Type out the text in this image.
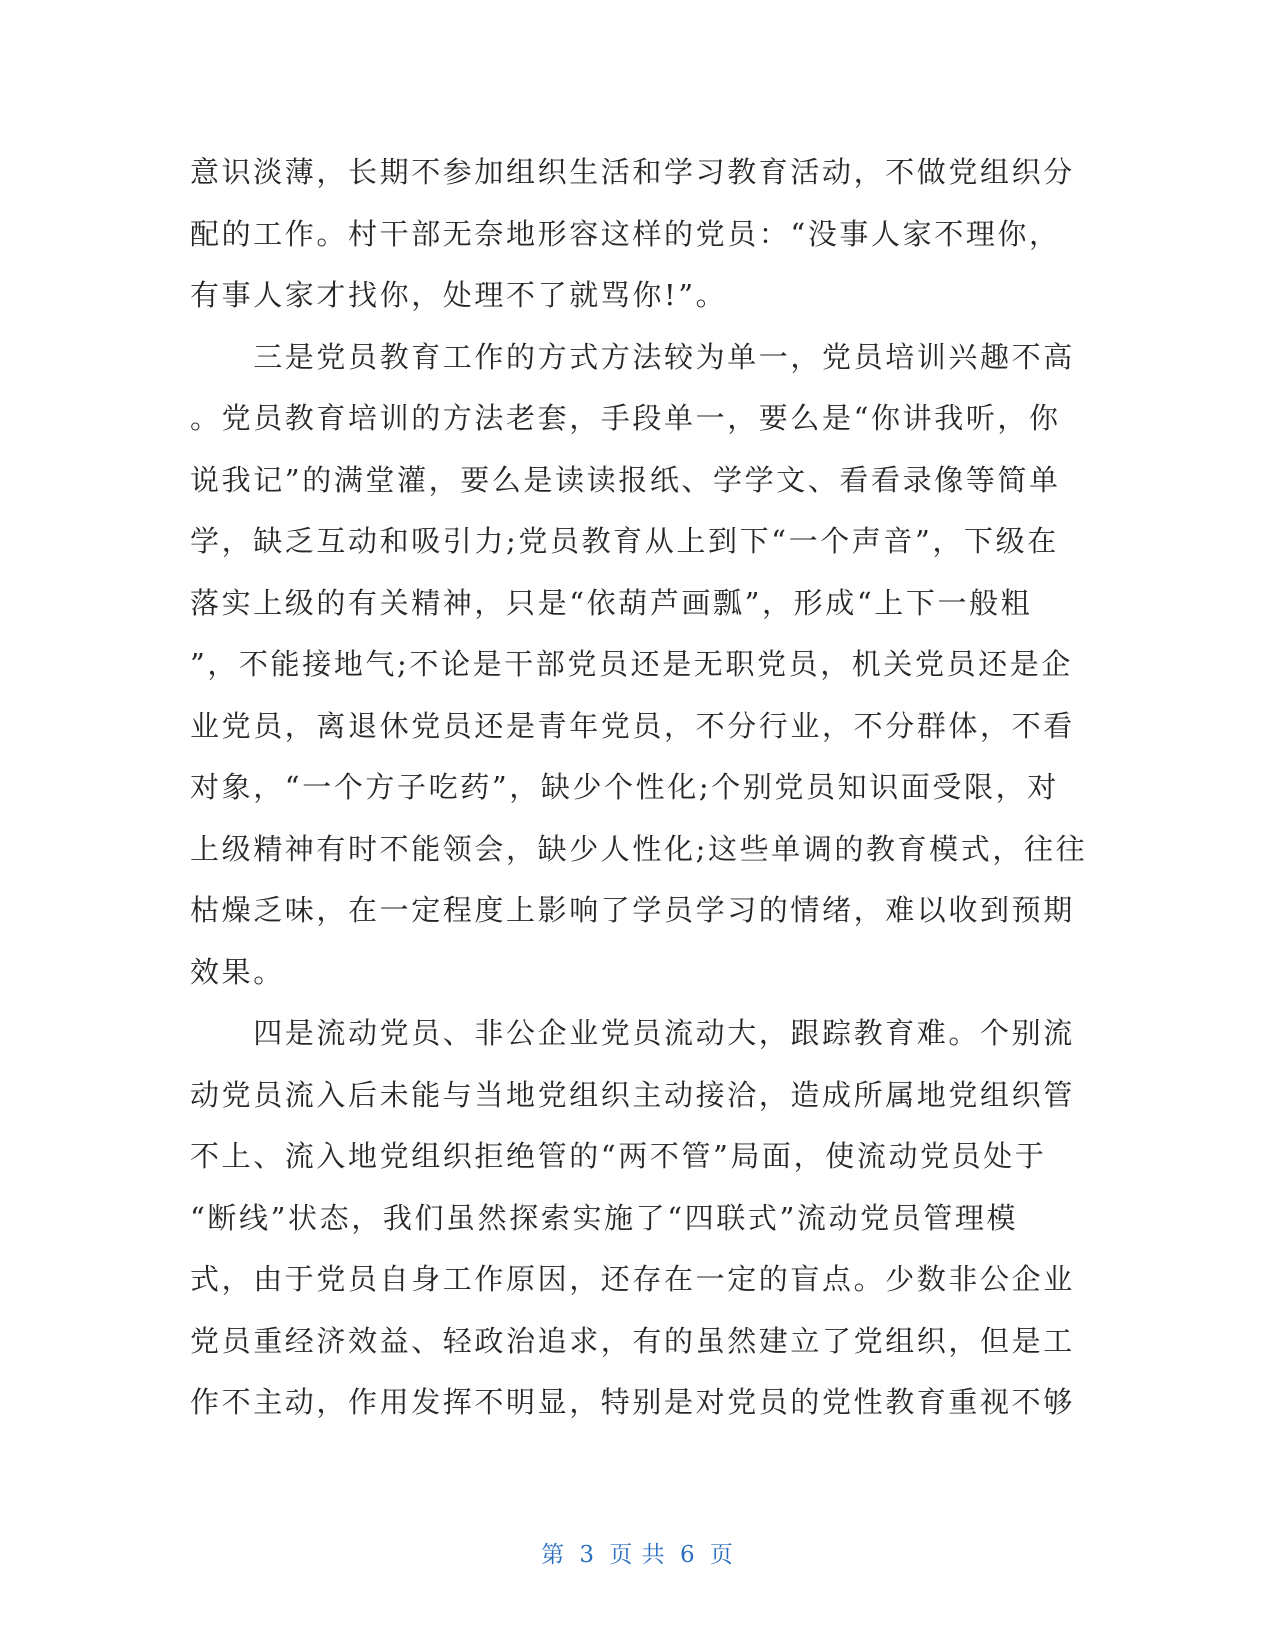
意识淡薄，长期不参加组织生活和学习教育活动，不做党组织分
配的工作。村干部无奈地形容这样的党员：“没事人家不理你，
有事人家才找你，处理不了就骂你!”。
　　三是党员教育工作的方式方法较为单一，党员培训兴趣不高
。党员教育培训的方法老套，手段单一，要么是“你讲我听，你
说我记”的满堂灌，要么是读读报纸、学学文、看看录像等简单
学，缺乏互动和吸引力;党员教育从上到下“一个声音”，下级在
落实上级的有关精神，只是“依葫芦画瓢”，形成“上下一般粗
”，不能接地气;不论是干部党员还是无职党员，机关党员还是企
业党员，离退休党员还是青年党员，不分行业，不分群体，不看
对象，“一个方子吃药”，缺少个性化;个别党员知识面受限，对
上级精神有时不能领会，缺少人性化;这些单调的教育模式，往往
枯燥乏味，在一定程度上影响了学员学习的情绪，难以收到预期
效果。
　　四是流动党员、非公企业党员流动大，跟踪教育难。个别流
动党员流入后未能与当地党组织主动接洽，造成所属地党组织管
不上、流入地党组织拒绝管的“两不管”局面，使流动党员处于
“断线”状态，我们虽然探索实施了“四联式”流动党员管理模
式，由于党员自身工作原因，还存在一定的盲点。少数非公企业
党员重经济效益、轻政治追求，有的虽然建立了党组织，但是工
作不主动，作用发挥不明显，特别是对党员的党性教育重视不够
第 3 页 共 6 页
